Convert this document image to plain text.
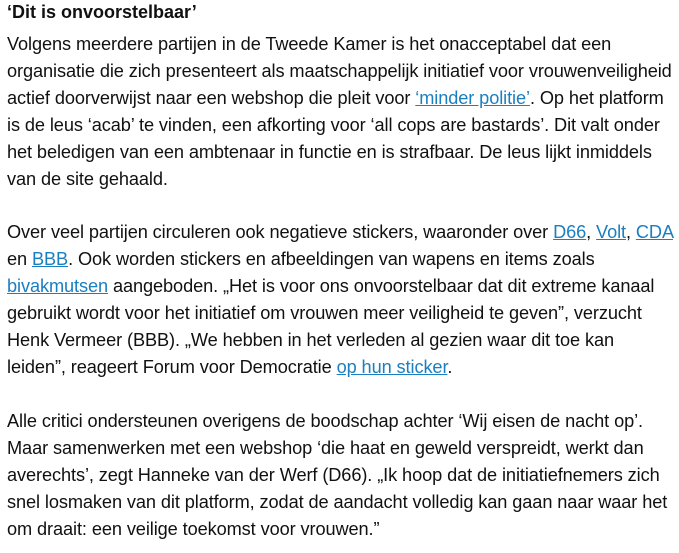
‘Dit is onvoorstelbaar’

Volgens meerdere partijen in de Tweede Kamer is het onacceptabel dat een organisatie die zich presenteert als maatschappelijk initiatief voor vrouwenveiligheid actief doorverwijst naar een webshop die pleit voor ‘minder politie’. Op het platform is de leus ‘acab’ te vinden, een afkorting voor ‘all cops are bastards’. Dit valt onder het beledigen van een ambtenaar in functie en is strafbaar. De leus lijkt inmiddels van de site gehaald.

Over veel partijen circuleren ook negatieve stickers, waaronder over D66, Volt, CDA en BBB. Ook worden stickers en afbeeldingen van wapens en items zoals bivakmutsen aangeboden. „Het is voor ons onvoorstelbaar dat dit extreme kanaal gebruikt wordt voor het initiatief om vrouwen meer veiligheid te geven”, verzucht Henk Vermeer (BBB). „We hebben in het verleden al gezien waar dit toe kan leiden”, reageert Forum voor Democratie op hun sticker.

Alle critici ondersteunen overigens de boodschap achter ‘Wij eisen de nacht op’. Maar samenwerken met een webshop ‘die haat en geweld verspreidt, werkt dan averechts’, zegt Hanneke van der Werf (D66). „Ik hoop dat de initiatiefnemers zich snel losmaken van dit platform, zodat de aandacht volledig kan gaan naar waar het om draait: een veilige toekomst voor vrouwen.”
